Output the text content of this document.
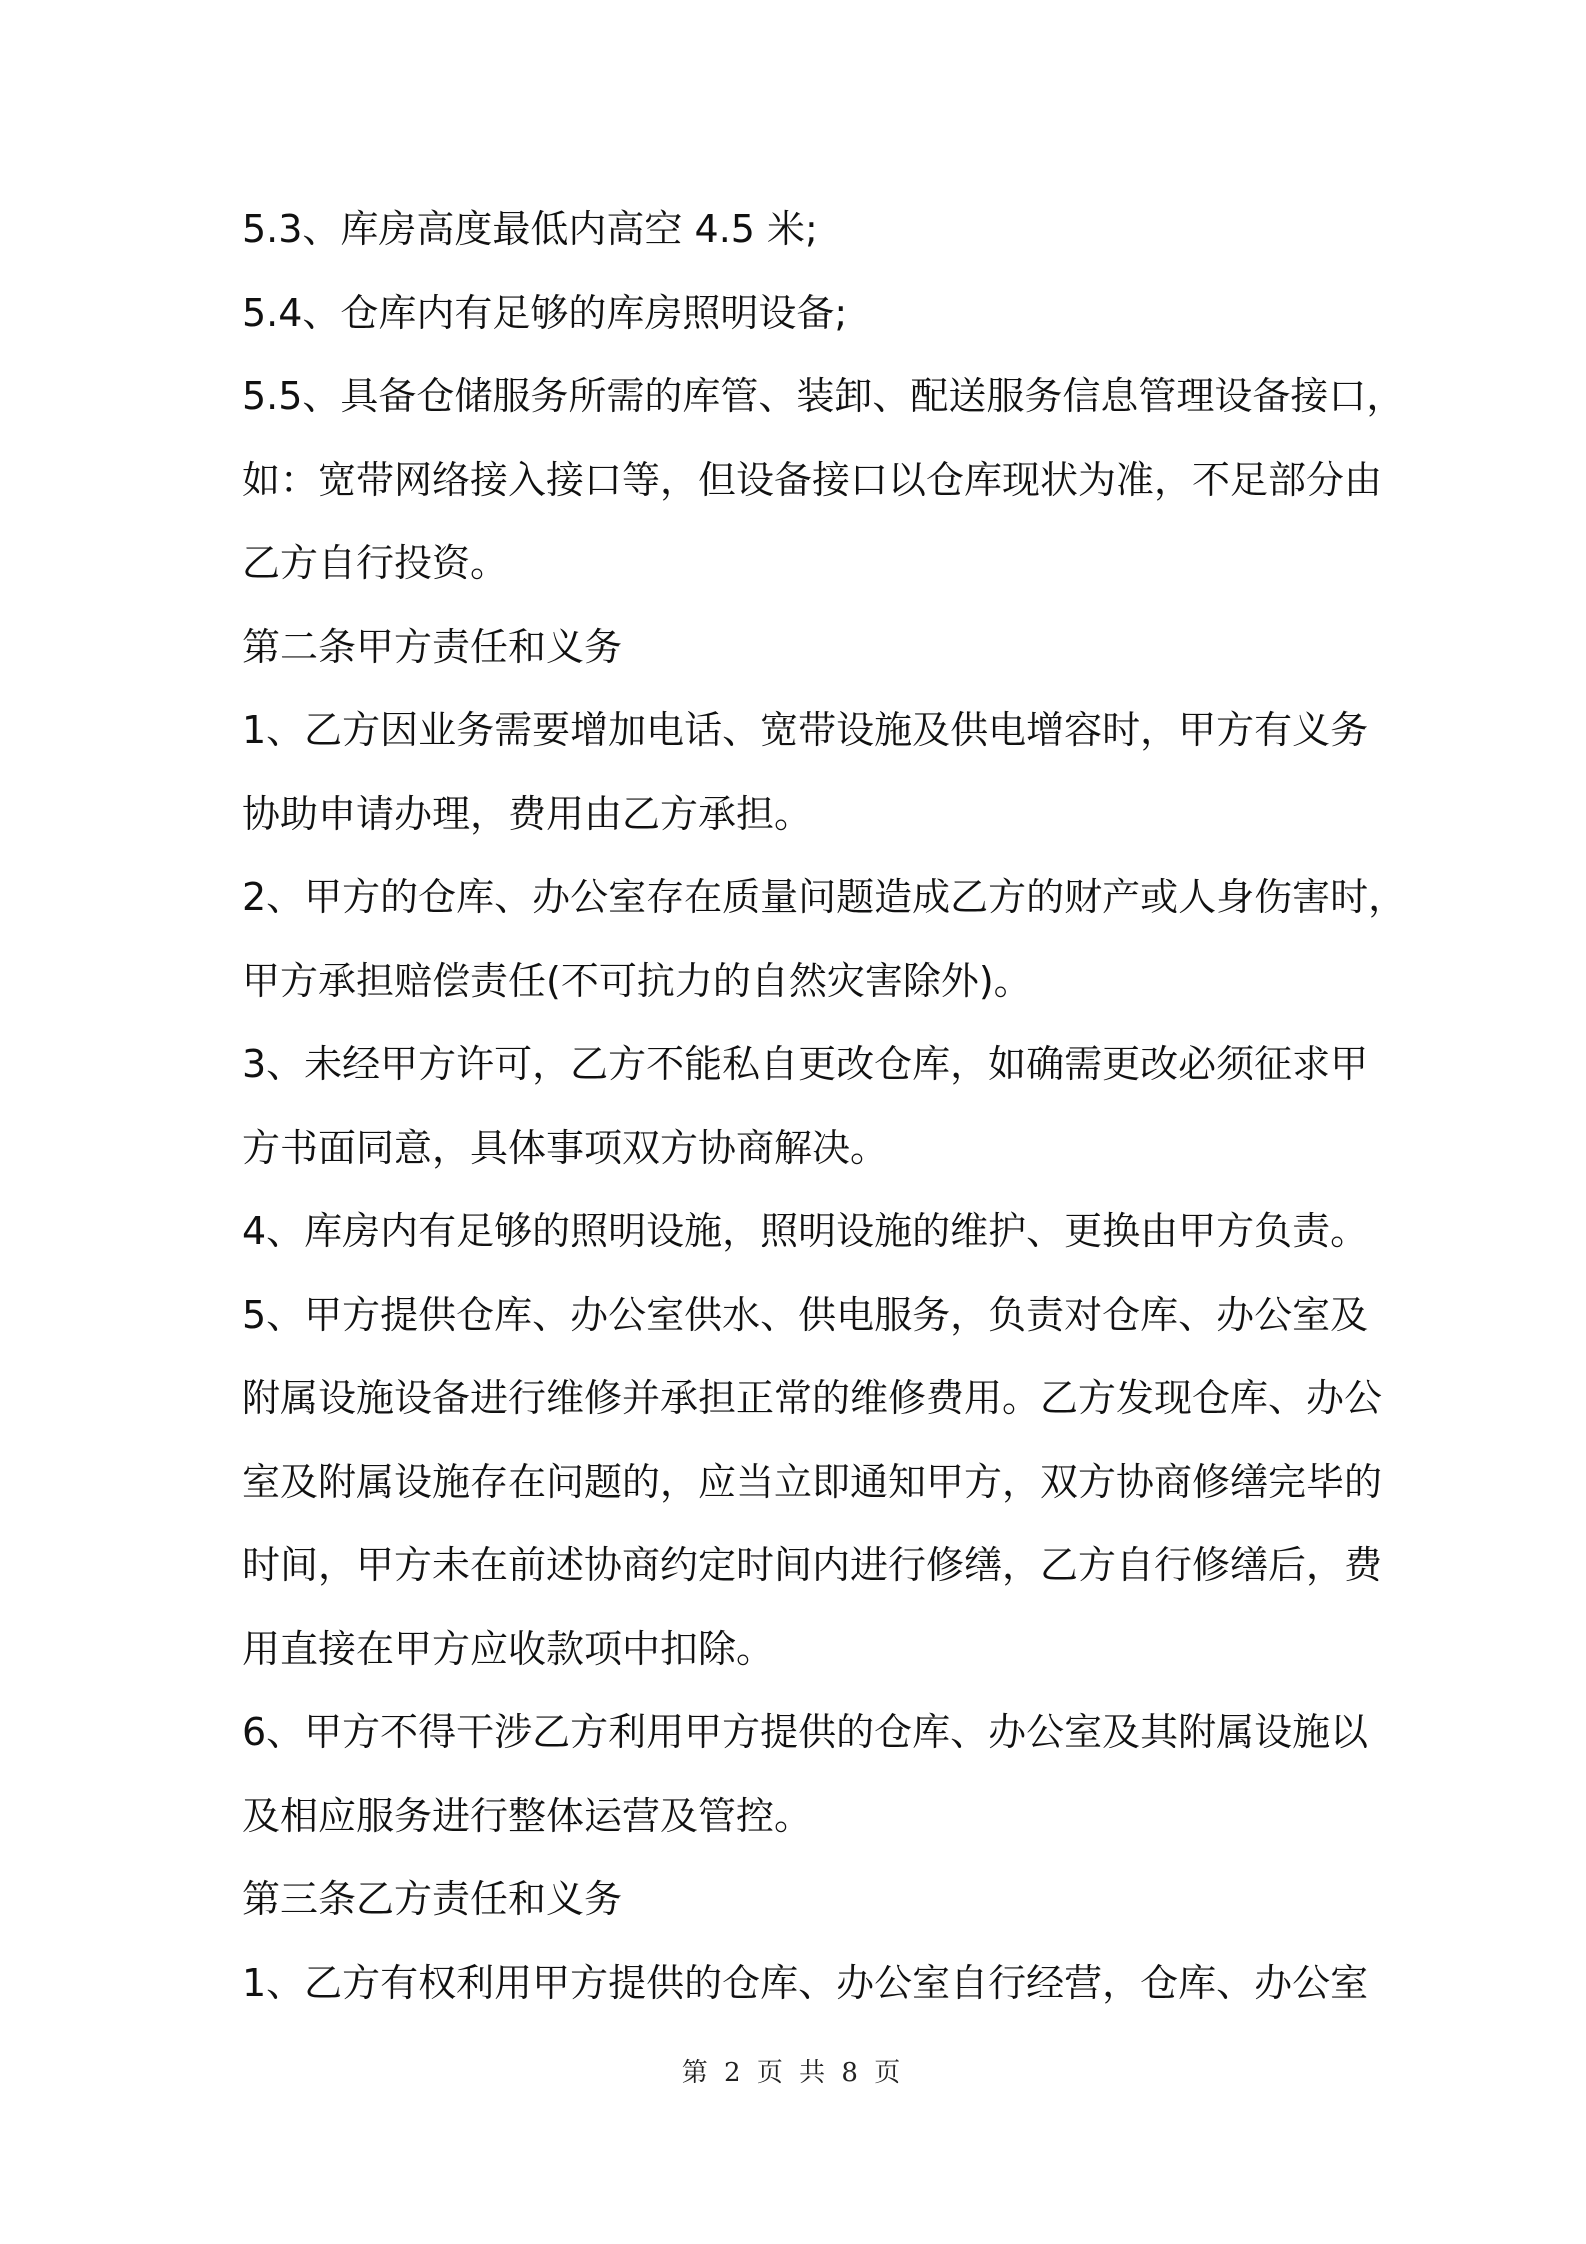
5.3、库房高度最低内高空 4.5 米;
5.4、仓库内有足够的库房照明设备;
5.5、具备仓储服务所需的库管、装卸、配送服务信息管理设备接口，
如：宽带网络接入接口等，但设备接口以仓库现状为准，不足部分由
乙方自行投资。
第二条甲方责任和义务
1、乙方因业务需要增加电话、宽带设施及供电增容时，甲方有义务
协助申请办理，费用由乙方承担。
2、甲方的仓库、办公室存在质量问题造成乙方的财产或人身伤害时，
甲方承担赔偿责任(不可抗力的自然灾害除外)。
3、未经甲方许可，乙方不能私自更改仓库，如确需更改必须征求甲
方书面同意，具体事项双方协商解决。
4、库房内有足够的照明设施，照明设施的维护、更换由甲方负责。
5、甲方提供仓库、办公室供水、供电服务，负责对仓库、办公室及
附属设施设备进行维修并承担正常的维修费用。乙方发现仓库、办公
室及附属设施存在问题的，应当立即通知甲方，双方协商修缮完毕的
时间，甲方未在前述协商约定时间内进行修缮，乙方自行修缮后，费
用直接在甲方应收款项中扣除。
6、甲方不得干涉乙方利用甲方提供的仓库、办公室及其附属设施以
及相应服务进行整体运营及管控。
第三条乙方责任和义务
1、乙方有权利用甲方提供的仓库、办公室自行经营，仓库、办公室
第 2 页 共 8 页
